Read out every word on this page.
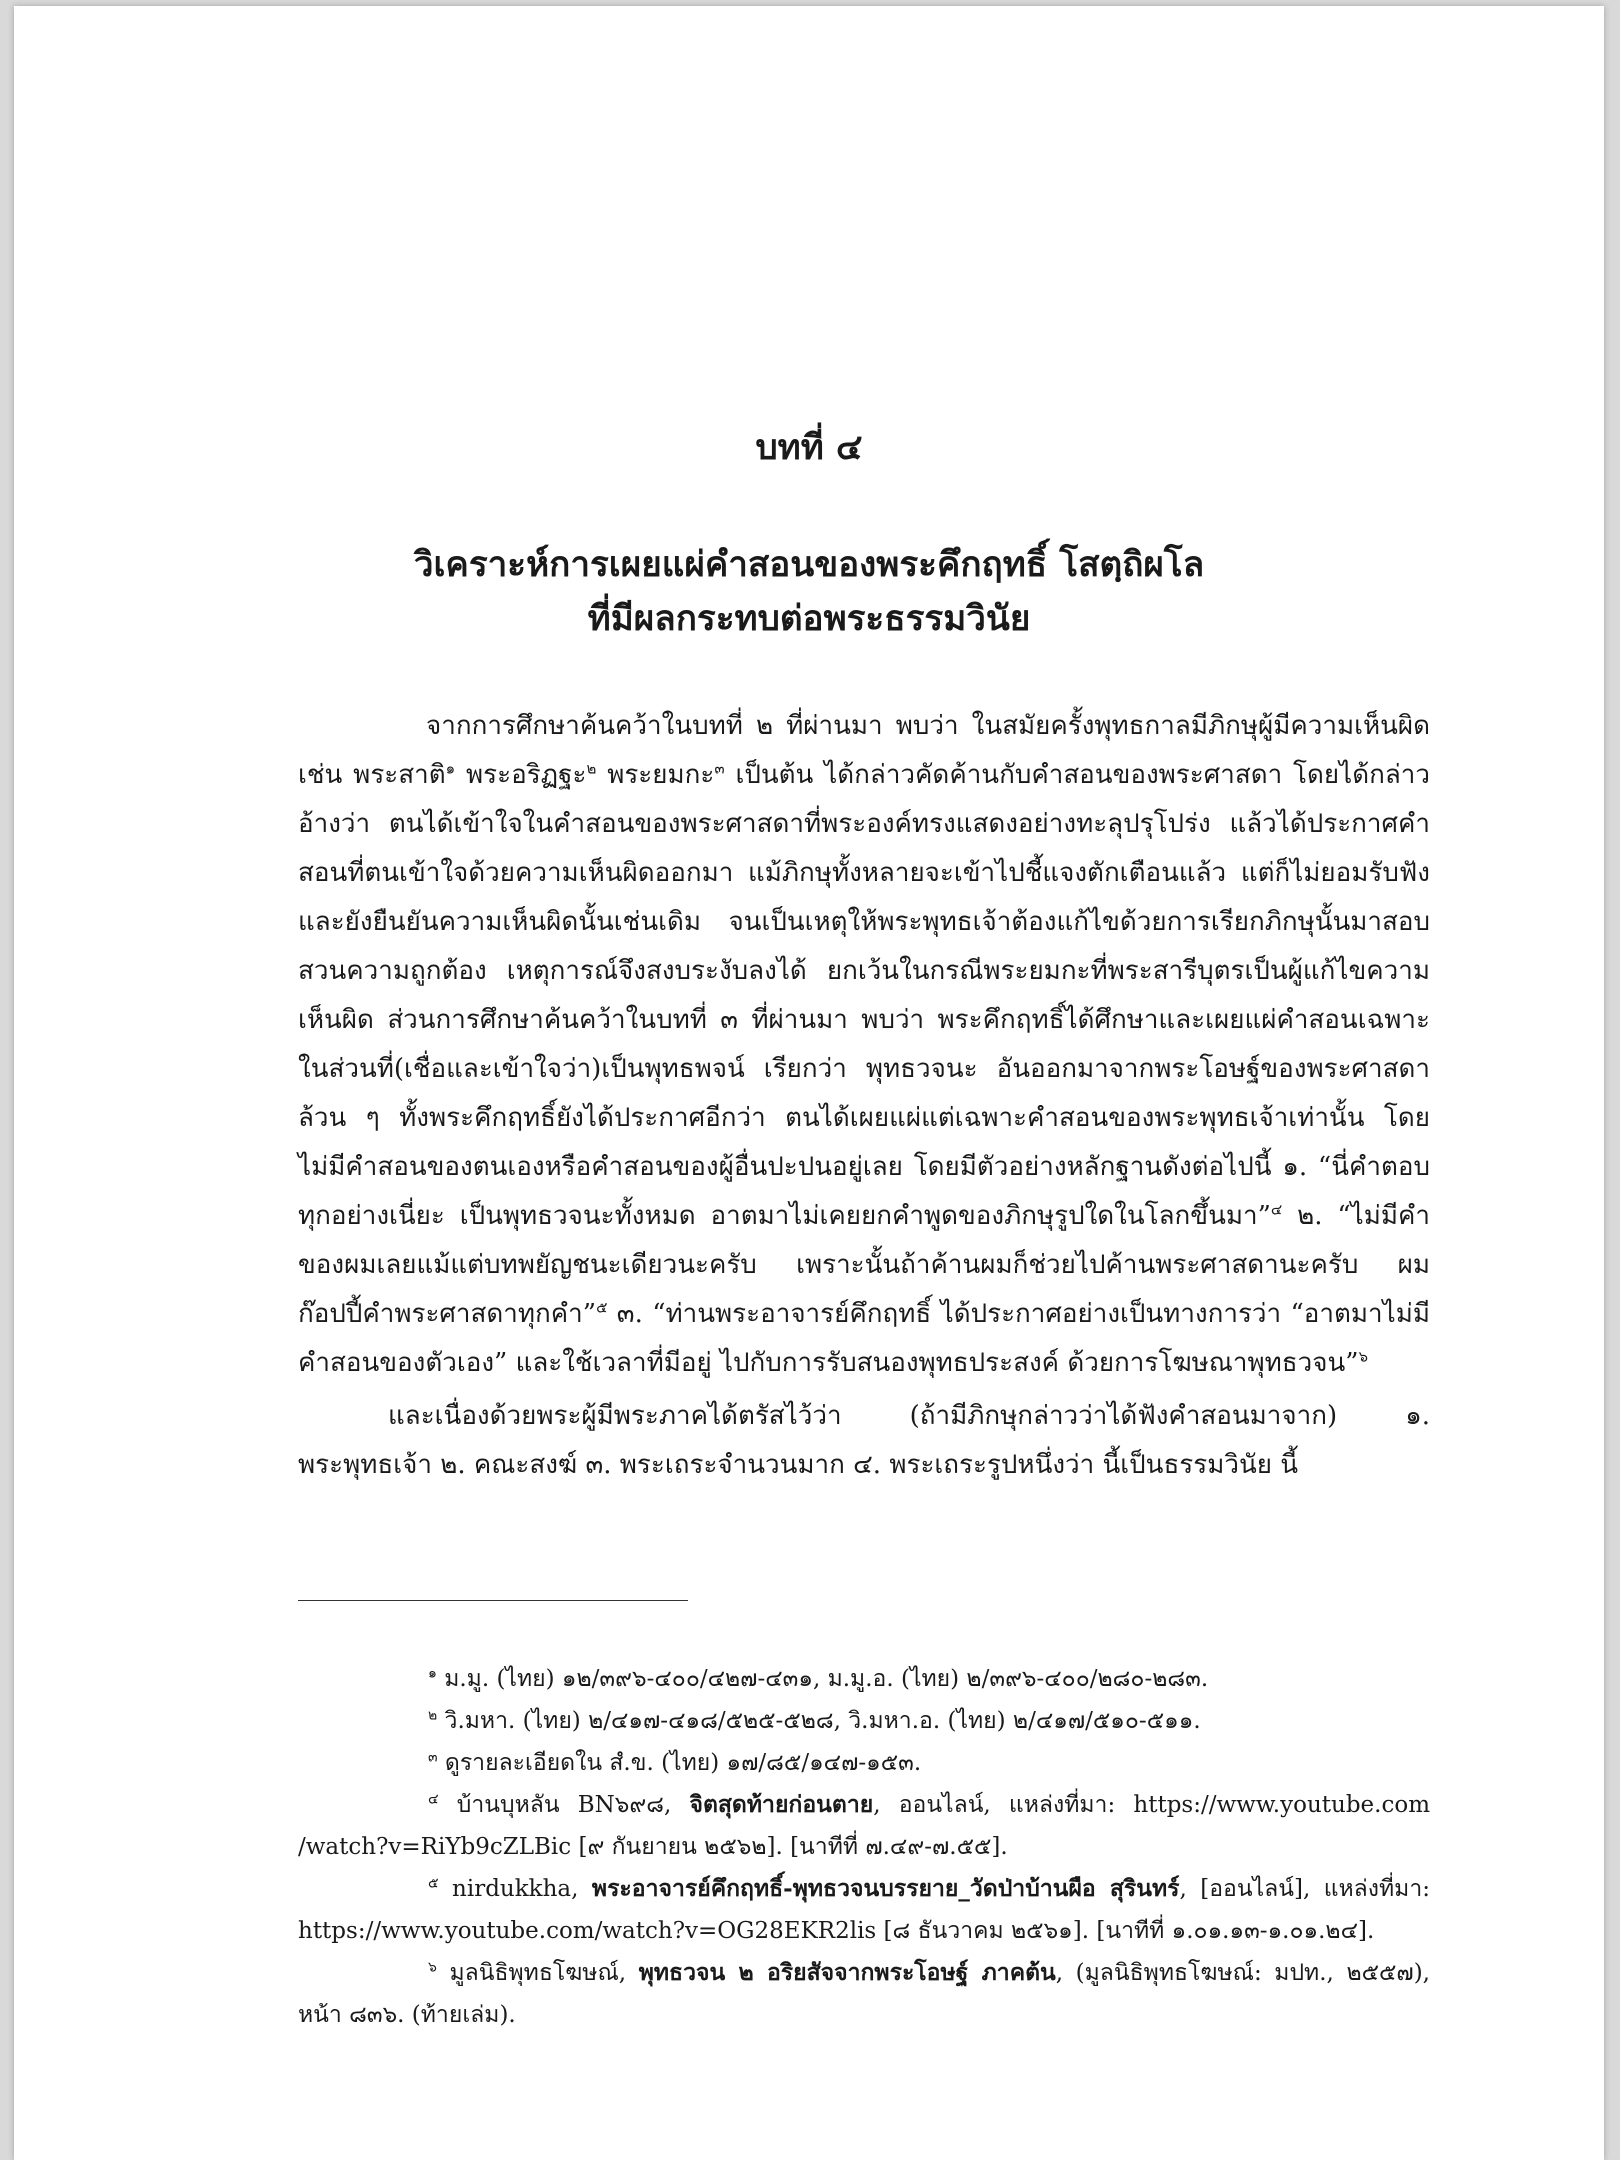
บทที่ ๔
วิเคราะห์การเผยแผ่คำสอนของพระคึกฤทธิ์ โสตฺถิผโล
ที่มีผลกระทบต่อพระธรรมวินัย

จากการศึกษาค้นคว้าในบทที่ ๒ ที่ผ่านมา พบว่า ในสมัยครั้งพุทธกาลมีภิกษุผู้มีความเห็นผิด เช่น พระสาติ$^๑$ พระอริฏฐะ$^๒$ พระยมกะ$^๓$ เป็นต้น ได้กล่าวคัดค้านกับคำสอนของพระศาสดา โดยได้กล่าวอ้างว่า ตนได้เข้าใจในคำสอนของพระศาสดาที่พระองค์ทรงแสดงอย่างทะลุปรุโปร่ง แล้วได้ประกาศคำสอนที่ตนเข้าใจด้วยความเห็นผิดออกมา แม้ภิกษุทั้งหลายจะเข้าไปชี้แจงตักเตือนแล้ว แต่ก็ไม่ยอมรับฟังและยังยืนยันความเห็นผิดนั้นเช่นเดิม จนเป็นเหตุให้พระพุทธเจ้าต้องแก้ไขด้วยการเรียกภิกษุนั้นมาสอบสวนความถูกต้อง เหตุการณ์จึงสงบระงับลงได้ ยกเว้นในกรณีพระยมกะที่พระสารีบุตรเป็นผู้แก้ไขความเห็นผิด ส่วนการศึกษาค้นคว้าในบทที่ ๓ ที่ผ่านมา พบว่า พระคึกฤทธิ์ได้ศึกษาและเผยแผ่คำสอนเฉพาะในส่วนที่(เชื่อและเข้าใจว่า)เป็นพุทธพจน์ เรียกว่า พุทธวจนะ อันออกมาจากพระโอษฐ์ของพระศาสดาล้วน ๆ ทั้งพระคึกฤทธิ์ยังได้ประกาศอีกว่า ตนได้เผยแผ่แต่เฉพาะคำสอนของพระพุทธเจ้าเท่านั้น โดยไม่มีคำสอนของตนเองหรือคำสอนของผู้อื่นปะปนอยู่เลย โดยมีตัวอย่างหลักฐานดังต่อไปนี้ ๑. “นี่คำตอบทุกอย่างเนี่ยะ เป็นพุทธวจนะทั้งหมด อาตมาไม่เคยยกคำพูดของภิกษุรูปใดในโลกขึ้นมา”$^๔$ ๒. “ไม่มีคำของผมเลยแม้แต่บทพยัญชนะเดียวนะครับ เพราะนั้นถ้าค้านผมก็ช่วยไปค้านพระศาสดานะครับ ผมก๊อปปี้คำพระศาสดาทุกคำ”$^๕$ ๓. “ท่านพระอาจารย์คึกฤทธิ์ ได้ประกาศอย่างเป็นทางการว่า “อาตมาไม่มีคำสอนของตัวเอง” และใช้เวลาที่มีอยู่ ไปกับการรับสนองพุทธประสงค์ ด้วยการโฆษณาพุทธวจน”$^๖$

และเนื่องด้วยพระผู้มีพระภาคได้ตรัสไว้ว่า (ถ้ามีภิกษุกล่าวว่าได้ฟังคำสอนมาจาก) ๑. พระพุทธเจ้า ๒. คณะสงฆ์ ๓. พระเถระจำนวนมาก ๔. พระเถระรูปหนึ่งว่า นี้เป็นธรรมวินัย นี้

$^๑$ ม.มู. (ไทย) ๑๒/๓๙๖-๔๐๐/๔๒๗-๔๓๑, ม.มู.อ. (ไทย) ๒/๓๙๖-๔๐๐/๒๘๐-๒๘๓.

$^๒$ วิ.มหา. (ไทย) ๒/๔๑๗-๔๑๘/๕๒๕-๕๒๘, วิ.มหา.อ. (ไทย) ๒/๔๑๗/๕๑๐-๕๑๑.

$^๓$ ดูรายละเอียดใน สํ.ข. (ไทย) ๑๗/๘๕/๑๔๗-๑๕๓.

$^๔$ บ้านบุหลัน BN๖๙๘, จิตสุดท้ายก่อนตาย, ออนไลน์, แหล่งที่มา: https://www.youtube.com /watch?v=RiYb9cZLBic [๙ กันยายน ๒๕๖๒]. [นาทีที่ ๗.๔๙-๗.๕๕].

$^๕$ nirdukkha, พระอาจารย์คึกฤทธิ์-พุทธวจนบรรยาย_วัดป่าบ้านผือ สุรินทร์, [ออนไลน์], แหล่งที่มา: https://www.youtube.com/watch?v=OG28EKR2lis [๘ ธันวาคม ๒๕๖๑]. [นาทีที่ ๑.๐๑.๑๓-๑.๐๑.๒๔].

$^๖$ มูลนิธิพุทธโฆษณ์, พุทธวจน ๒ อริยสัจจากพระโอษฐ์ ภาคต้น, (มูลนิธิพุทธโฆษณ์: มปท., ๒๕๕๗), หน้า ๘๓๖. (ท้ายเล่ม).
